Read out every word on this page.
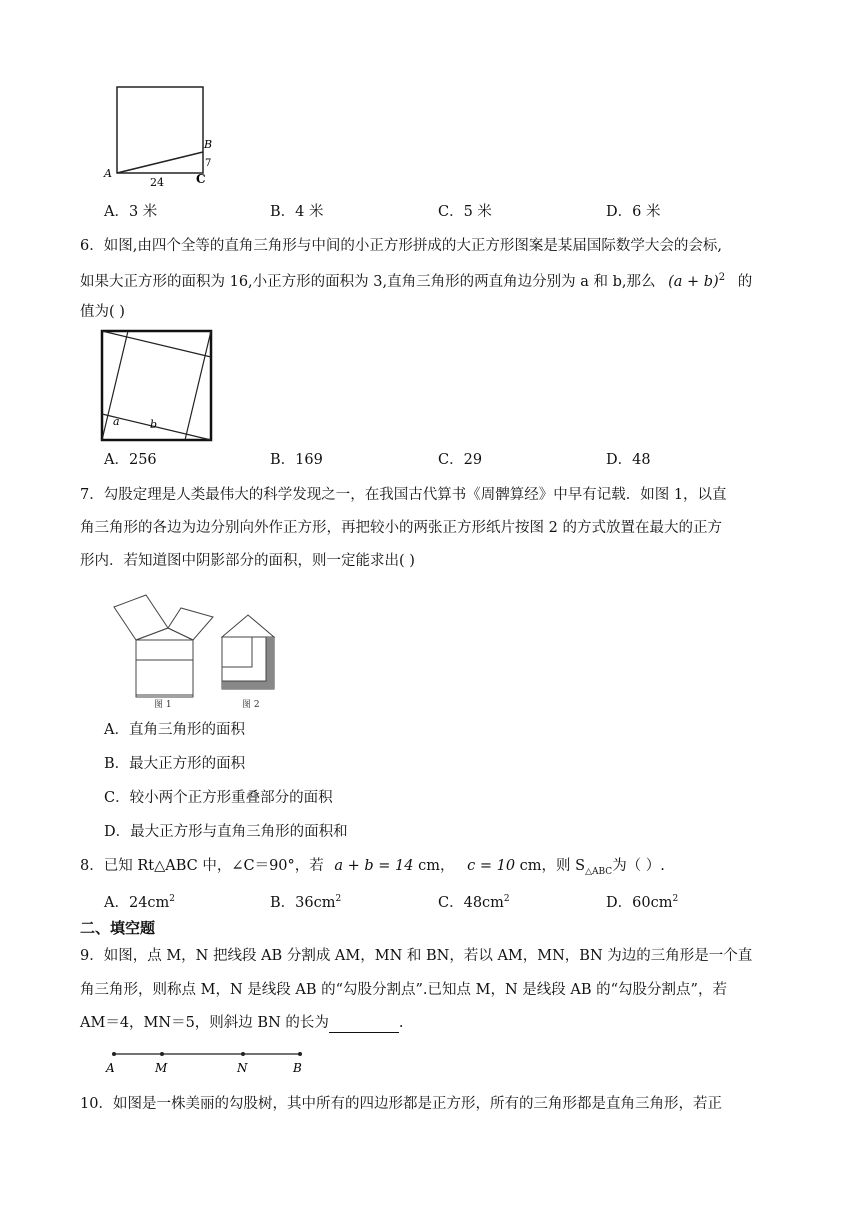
A
B
7
24	C
A．3 米	B．4 米	C．5 米	D．6 米
6．如图,由四个全等的直角三角形与中间的小正方形拼成的大正方形图案是某届国际数学大会的会标,
如果大正方形的面积为 16,小正方形的面积为 3,直角三角形的两直角边分别为 a 和 b,那么 $(a + b)^2$ 的
值为( )
a	b
A．256	B．169	C．29	D．48
7．勾股定理是人类最伟大的科学发现之一，在我国古代算书《周髀算经》中早有记载．如图 1，以直
角三角形的各边为边分别向外作正方形，再把较小的两张正方形纸片按图 2 的方式放置在最大的正方
形内．若知道图中阴影部分的面积，则一定能求出( )
图 1	图 2
A．直角三角形的面积
B．最大正方形的面积
C．较小两个正方形重叠部分的面积
D．最大正方形与直角三角形的面积和
8．已知 Rt△ABC 中，∠C＝90°，若 a + b = 14 cm， c = 10 cm，则 $S_{\triangle ABC}$为（ ）.
A．$24cm^2$	B．$36cm^2$	C．$48cm^2$	D．$60cm^2$
二、填空题
9．如图，点 M，N 把线段 AB 分割成 AM，MN 和 BN，若以 AM，MN，BN 为边的三角形是一个直
角三角形，则称点 M，N 是线段 AB 的“勾股分割点”.已知点 M，N 是线段 AB 的“勾股分割点”，若
AM＝4，MN＝5，则斜边 BN 的长为	.
A	M	N	B
10．如图是一株美丽的勾股树，其中所有的四边形都是正方形，所有的三角形都是直角三角形，若正
